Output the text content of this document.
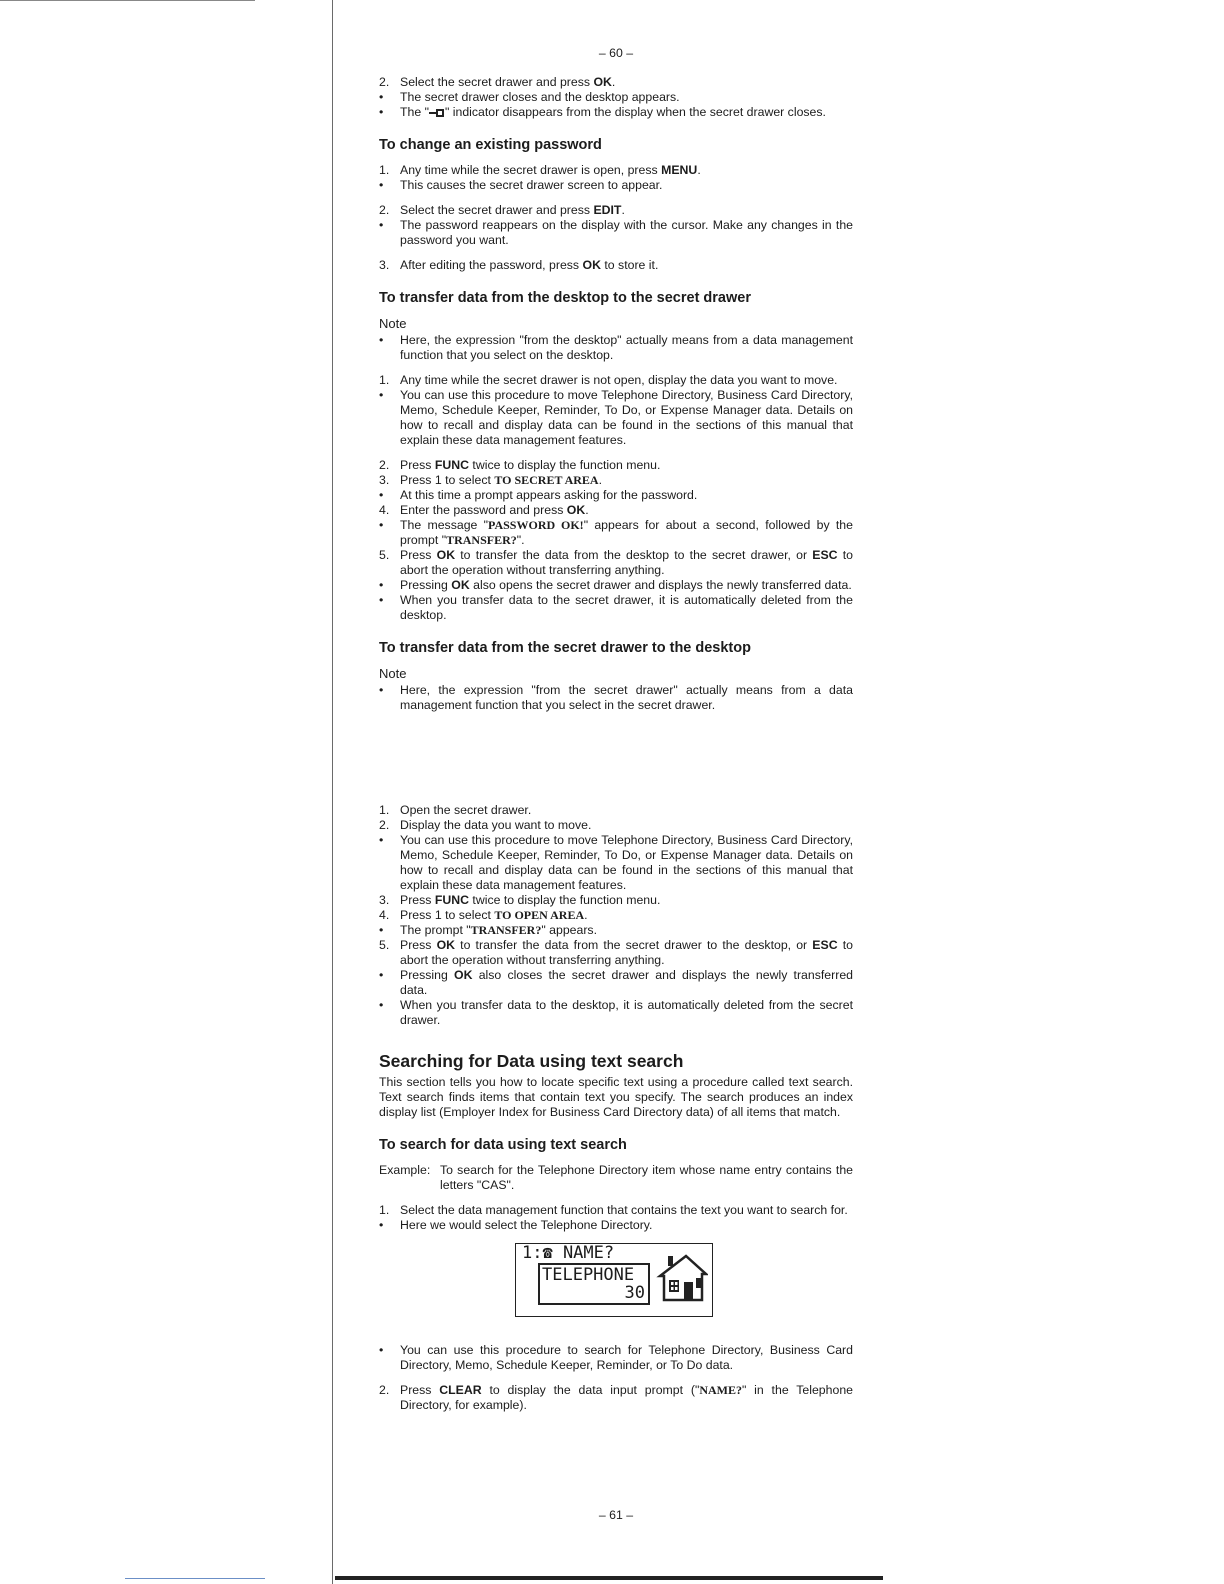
– 60 –

2. Select the secret drawer and press OK.
•	The secret drawer closes and the desktop appears.
•	The " " indicator disappears from the display when the secret drawer closes.
To change an existing password
1. Any time while the secret drawer is open, press MENU.
•	This causes the secret drawer screen to appear.
2. Select the secret drawer and press EDIT.
•	The password reappears on the display with the cursor. Make any changes in the password you want.
3. After editing the password, press OK to store it.
To transfer data from the desktop to the secret drawer

Note

•	Here, the expression "from the desktop" actually means from a data management function that you select on the desktop.
1. Any time while the secret drawer is not open, display the data you want to move.
•	You can use this procedure to move Telephone Directory, Business Card Directory, Memo, Schedule Keeper, Reminder, To Do, or Expense Manager data. Details on how to recall and display data can be found in the sections of this manual that explain these data management features.
2. Press FUNC twice to display the function menu.
3. Press 1 to select TO SECRET AREA.
•	At this time a prompt appears asking for the password.
4. Enter the password and press OK.
•	The message "PASSWORD OK!" appears for about a second, followed by the prompt "TRANSFER?".
5. Press OK to transfer the data from the desktop to the secret drawer, or ESC to abort the operation without transferring anything.
•	Pressing OK also opens the secret drawer and displays the newly transferred data.
•	When you transfer data to the secret drawer, it is automatically deleted from the desktop.
To transfer data from the secret drawer to the desktop

Note

•	Here, the expression "from the secret drawer" actually means from a data management function that you select in the secret drawer.
1. Open the secret drawer.
2. Display the data you want to move.
•	You can use this procedure to move Telephone Directory, Business Card Directory, Memo, Schedule Keeper, Reminder, To Do, or Expense Manager data. Details on how to recall and display data can be found in the sections of this manual that explain these data management features.
3. Press FUNC twice to display the function menu.
4. Press 1 to select TO OPEN AREA.
•	The prompt "TRANSFER?" appears.
5. Press OK to transfer the data from the secret drawer to the desktop, or ESC to abort the operation without transferring anything.
•	Pressing OK also closes the secret drawer and displays the newly transferred data.
•	When you transfer data to the desktop, it is automatically deleted from the secret drawer.
Searching for Data using text search

This section tells you how to locate specific text using a procedure called text search. Text search finds items that contain text you specify. The search produces an index display list (Employer Index for Business Card Directory data) of all items that match.

To search for data using text search
Example: To search for the Telephone Directory item whose name entry contains the letters "CAS".
1. Select the data management function that contains the text you want to search for.
•	Here we would select the Telephone Directory.
1:☎ NAME?
TELEPHONE
30
•	You can use this procedure to search for Telephone Directory, Business Card Directory, Memo, Schedule Keeper, Reminder, or To Do data.
2. Press CLEAR to display the data input prompt ("NAME?" in the Telephone Directory, for example).

– 61 –
